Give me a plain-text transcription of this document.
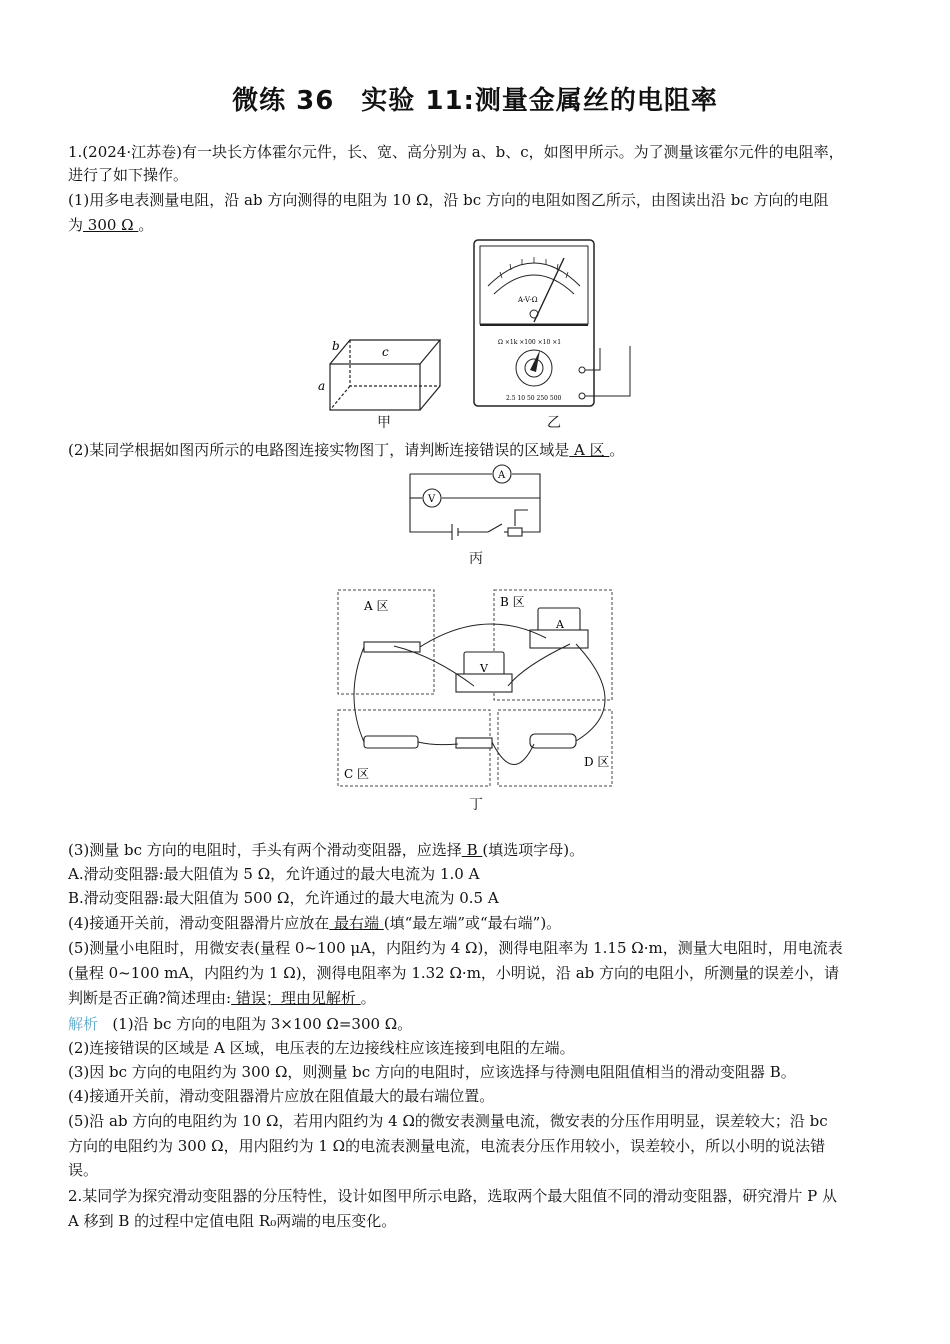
微练 36　实验 11:测量金属丝的电阻率
1.(2024·江苏卷)有一块长方体霍尔元件，长、宽、高分别为 a、b、c，如图甲所示。为了测量该霍尔元件的电阻率，
进行了如下操作。
(1)用多电表测量电阻，沿 ab 方向测得的电阻为 10 Ω，沿 bc 方向的电阻如图乙所示，由图读出沿 bc 方向的电阻
为 300 Ω 。
a
b	c
甲
A-V-Ω
Ω ×1k ×100 ×10 ×1
2.5 10 50 250 500
乙
(2)某同学根据如图丙所示的电路图连接实物图丁，请判断连接错误的区域是 A 区 。
A
V
丙
A 区	B 区
C 区
D 区
A
V
丁
(3)测量 bc 方向的电阻时，手头有两个滑动变阻器，应选择 B (填选项字母)。
A.滑动变阻器:最大阻值为 5 Ω，允许通过的最大电流为 1.0 A
B.滑动变阻器:最大阻值为 500 Ω，允许通过的最大电流为 0.5 A
(4)接通开关前，滑动变阻器滑片应放在 最右端 (填“最左端”或“最右端”)。
(5)测量小电阻时，用微安表(量程 0~100 μA，内阻约为 4 Ω)，测得电阻率为 1.15 Ω·m，测量大电阻时，用电流表
(量程 0~100 mA，内阻约为 1 Ω)，测得电阻率为 1.32 Ω·m，小明说，沿 ab 方向的电阻小，所测量的误差小，请
判断是否正确?简述理由: 错误；理由见解析 。
解析 (1)沿 bc 方向的电阻为 3×100 Ω=300 Ω。
(2)连接错误的区域是 A 区域，电压表的左边接线柱应该连接到电阻的左端。
(3)因 bc 方向的电阻约为 300 Ω，则测量 bc 方向的电阻时，应该选择与待测电阻阻值相当的滑动变阻器 B。
(4)接通开关前，滑动变阻器滑片应放在阻值最大的最右端位置。
(5)沿 ab 方向的电阻约为 10 Ω，若用内阻约为 4 Ω的微安表测量电流，微安表的分压作用明显，误差较大；沿 bc
方向的电阻约为 300 Ω，用内阻约为 1 Ω的电流表测量电流，电流表分压作用较小，误差较小，所以小明的说法错
误。
2.某同学为探究滑动变阻器的分压特性，设计如图甲所示电路，选取两个最大阻值不同的滑动变阻器，研究滑片 P 从
A 移到 B 的过程中定值电阻 R₀两端的电压变化。
